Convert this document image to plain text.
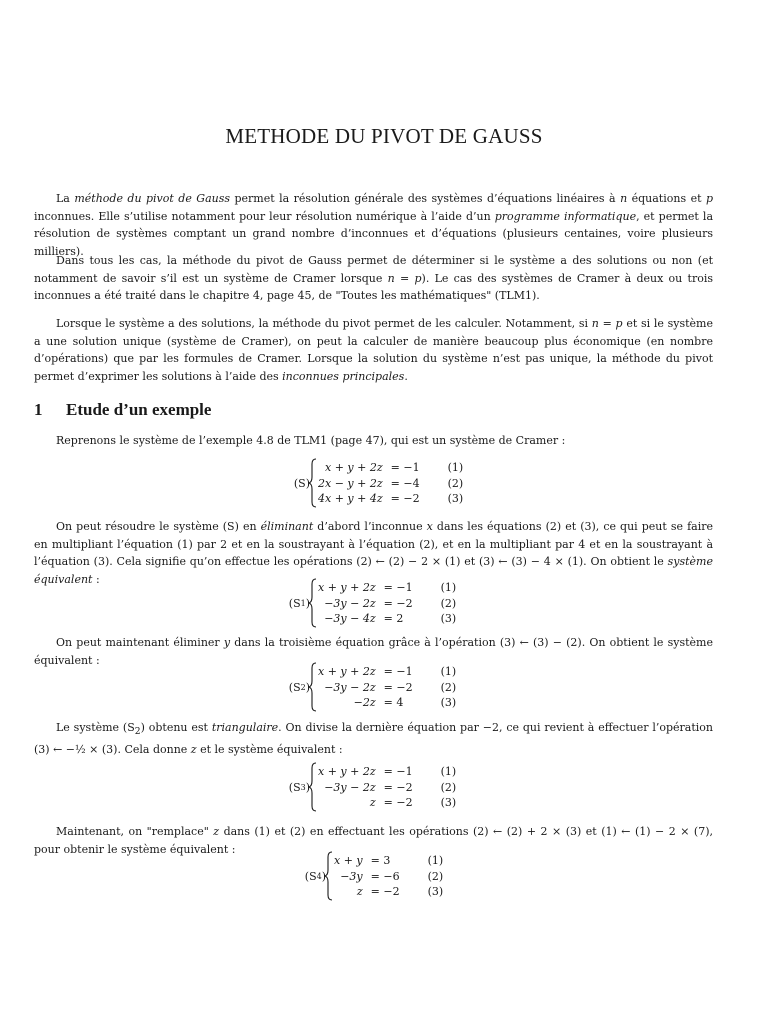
METHODE DU PIVOT DE GAUSS
La méthode du pivot de Gauss permet la résolution générale des systèmes d’équations linéaires à n équations et p inconnues. Elle s’utilise notamment pour leur résolution numérique à l’aide d’un programme informatique, et permet la résolution de systèmes comptant un grand nombre d’inconnues et d’équations (plusieurs centaines, voire plusieurs milliers).
Dans tous les cas, la méthode du pivot de Gauss permet de déterminer si le système a des solutions ou non (et notamment de savoir s’il est un système de Cramer lorsque n = p). Le cas des systèmes de Cramer à deux ou trois inconnues a été traité dans le chapitre 4, page 45, de "Toutes les mathématiques" (TLM1).
Lorsque le système a des solutions, la méthode du pivot permet de les calculer. Notamment, si n = p et si le système a une solution unique (système de Cramer), on peut la calculer de manière beaucoup plus économique (en nombre d’opérations) que par les formules de Cramer. Lorsque la solution du système n’est pas unique, la méthode du pivot permet d’exprimer les solutions à l’aide des inconnues principales.
1 Etude d’un exemple
Reprenons le système de l’exemple 4.8 de TLM1 (page 47), qui est un système de Cramer :
(S)
x + y + 2z	= −1	(1)
2x − y + 2z	= −4	(2)
4x + y + 4z	= −2	(3)
On peut résoudre le système (S) en éliminant d’abord l’inconnue x dans les équations (2) et (3), ce qui peut se faire en multipliant l’équation (1) par 2 et en la soustrayant à l’équation (2), et en la multipliant par 4 et en la soustrayant à l’équation (3). Cela signifie qu’on effectue les opérations (2) ← (2) − 2 × (1) et (3) ← (3) − 4 × (1). On obtient le système équivalent :
(S 1 )
x + y + 2z	= −1	(1)
−3y − 2z	= −2	(2)
−3y − 4z	= 2	(3)
On peut maintenant éliminer y dans la troisième équation grâce à l’opération (3) ← (3) − (2). On obtient le système équivalent :
(S 2 )
x + y + 2z	= −1	(1)
−3y − 2z	= −2	(2)
−2z	= 4	(3)
Le système $(S_2)$ obtenu est triangulaire. On divise la dernière équation par −2, ce qui revient à effectuer l’opération (3) ← −½ × (3). Cela donne z et le système équivalent :
(S 3 )
x + y + 2z	= −1	(1)
−3y − 2z	= −2	(2)
z	= −2	(3)
Maintenant, on "remplace" z dans (1) et (2) en effectuant les opérations (2) ← (2) + 2 × (3) et (1) ← (1) − 2 × (7), pour obtenir le système équivalent :
(S 4 )
x + y	= 3	(1)
−3y	= −6	(2)
z	= −2	(3)
